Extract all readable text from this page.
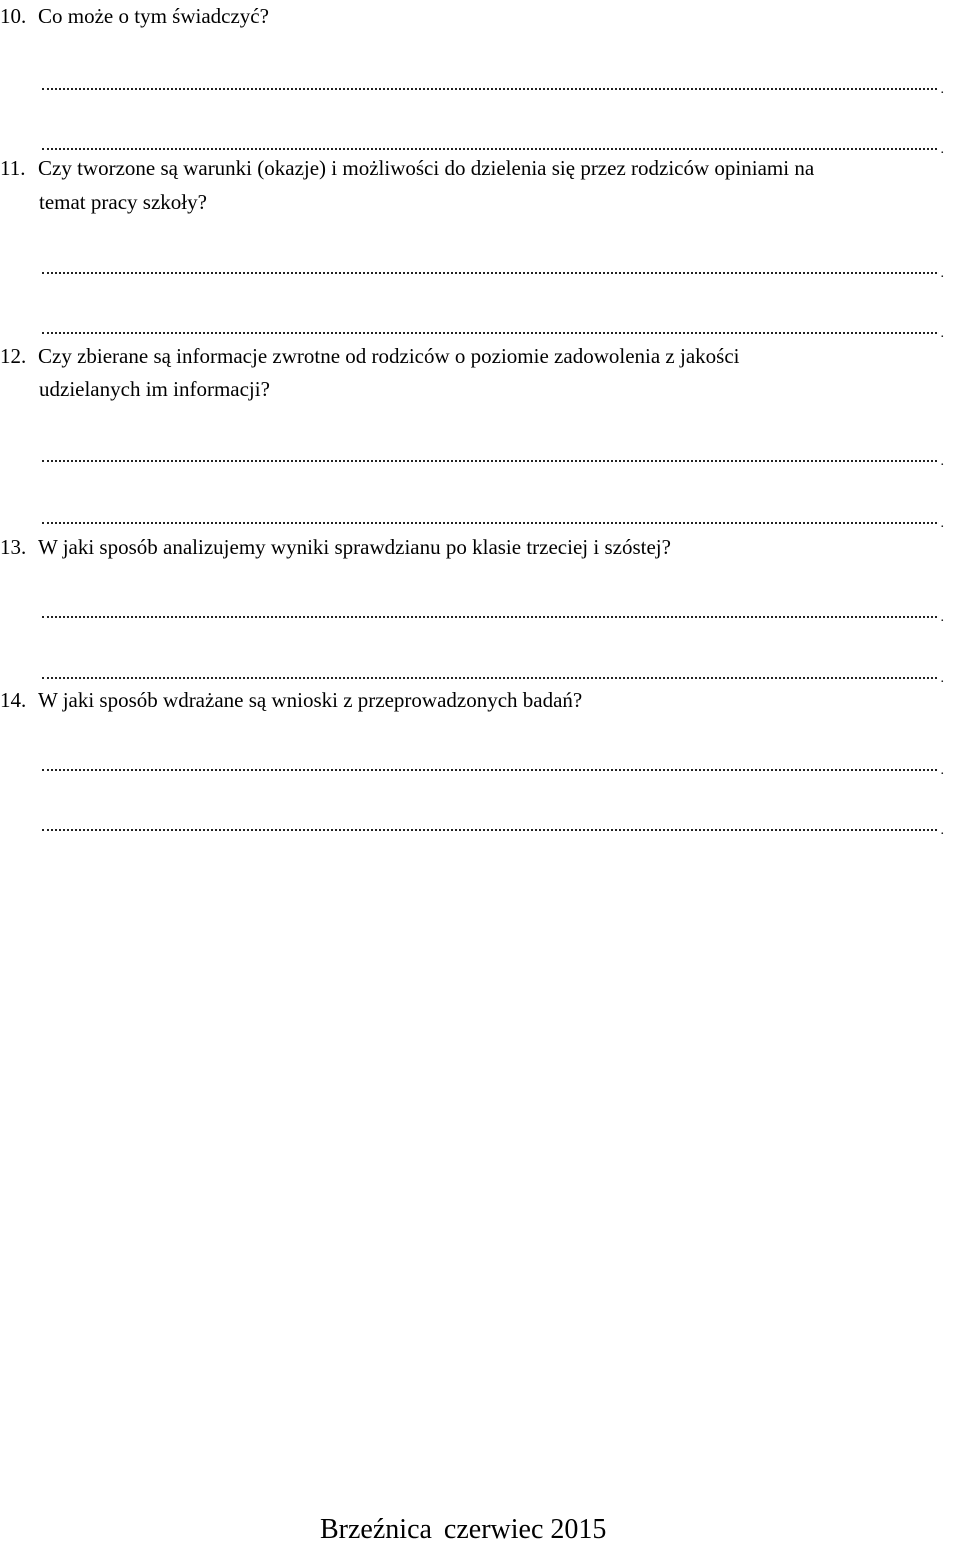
10. Co może o tym świadczyć?

.
.

11. Czy tworzone są warunki (okazje) i możliwości do dzielenia się przez rodziców opiniami na

temat pracy szkoły?
.
.

12. Czy zbierane są informacje zwrotne od rodziców o poziomie zadowolenia z jakości

udzielanych im informacji?
.
.

13. W jaki sposób analizujemy wyniki sprawdzianu po klasie trzeciej i szóstej?

.
.

14. W jaki sposób wdrażane są wnioski z przeprowadzonych badań?

.
.
Brzeźnica czerwiec 2015
